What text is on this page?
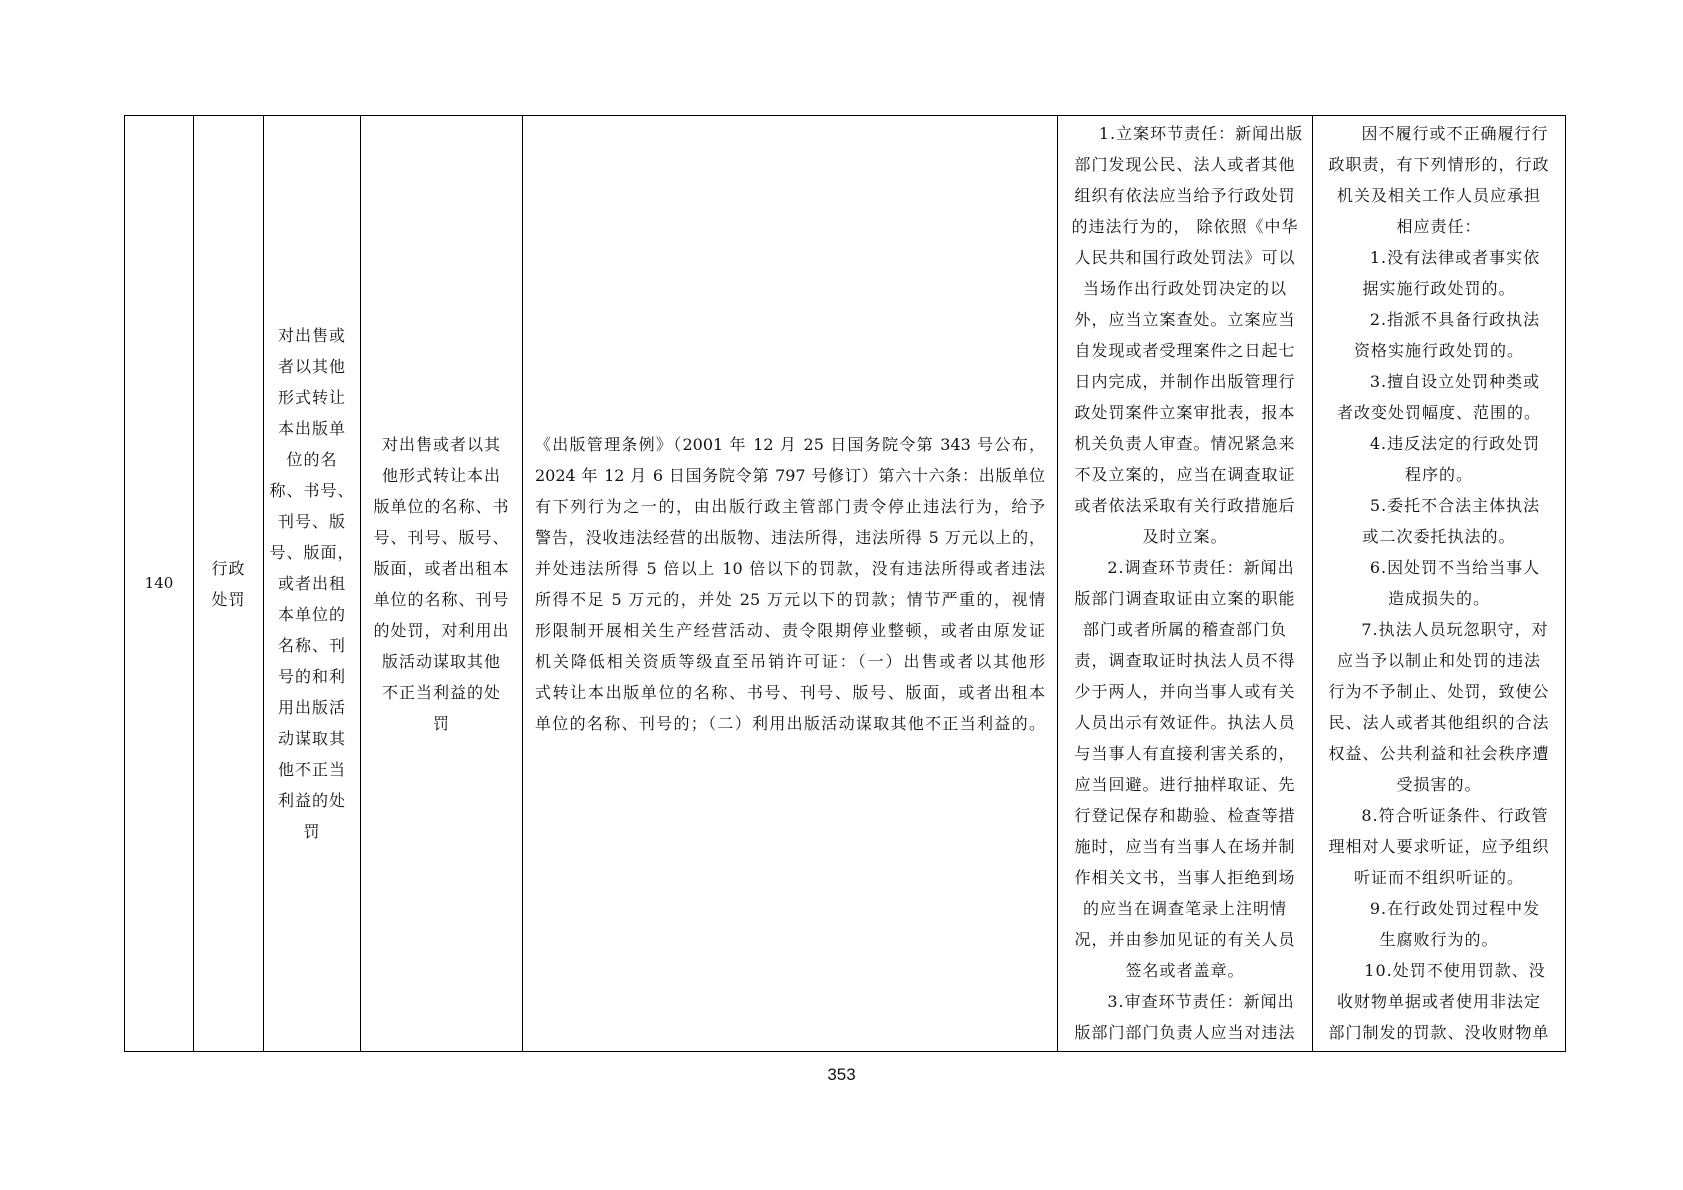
140
行政
处罚
对出售或
者以其他
形式转让
本出版单
位的名
称、书号、
刊号、版
号、版面，
或者出租
本单位的
名称、刊
号的和利
用出版活
动谋取其
他不正当
利益的处
罚
对出售或者以其
他形式转让本出
版单位的名称、书
号、刊号、版号、
版面，或者出租本
单位的名称、刊号
的处罚，对利用出
版活动谋取其他
不正当利益的处
罚
《出版管理条例》（2001 年 12 月 25 日国务院令第 343 号公布，
2024 年 12 月 6 日国务院令第 797 号修订）第六十六条：出版单位
有下列行为之一的，由出版行政主管部门责令停止违法行为，给予
警告，没收违法经营的出版物、违法所得，违法所得 5 万元以上的，
并处违法所得 5 倍以上 10 倍以下的罚款，没有违法所得或者违法
所得不足 5 万元的，并处 25 万元以下的罚款；情节严重的，视情
形限制开展相关生产经营活动、责令限期停业整顿，或者由原发证
机关降低相关资质等级直至吊销许可证：（一）出售或者以其他形
式转让本出版单位的名称、书号、刊号、版号、版面，或者出租本
单位的名称、刊号的；（二）利用出版活动谋取其他不正当利益的。
1.立案环节责任：新闻出版
部门发现公民、法人或者其他
组织有依法应当给予行政处罚
的违法行为的， 除依照《中华
人民共和国行政处罚法》可以
当场作出行政处罚决定的以
外，应当立案查处。立案应当
自发现或者受理案件之日起七
日内完成，并制作出版管理行
政处罚案件立案审批表，报本
机关负责人审查。情况紧急来
不及立案的，应当在调查取证
或者依法采取有关行政措施后
及时立案。
2.调查环节责任：新闻出
版部门调查取证由立案的职能
部门或者所属的稽查部门负
责，调查取证时执法人员不得
少于两人，并向当事人或有关
人员出示有效证件。执法人员
与当事人有直接利害关系的，
应当回避。进行抽样取证、先
行登记保存和勘验、检查等措
施时，应当有当事人在场并制
作相关文书，当事人拒绝到场
的应当在调查笔录上注明情
况，并由参加见证的有关人员
签名或者盖章。
3.审查环节责任：新闻出
版部门部门负责人应当对违法
因不履行或不正确履行行
政职责，有下列情形的，行政
机关及相关工作人员应承担
相应责任：
1.没有法律或者事实依
据实施行政处罚的。
2.指派不具备行政执法
资格实施行政处罚的。
3.擅自设立处罚种类或
者改变处罚幅度、范围的。
4.违反法定的行政处罚
程序的。
5.委托不合法主体执法
或二次委托执法的。
6.因处罚不当给当事人
造成损失的。
7.执法人员玩忽职守，对
应当予以制止和处罚的违法
行为不予制止、处罚，致使公
民、法人或者其他组织的合法
权益、公共利益和社会秩序遭
受损害的。
8.符合听证条件、行政管
理相对人要求听证，应予组织
听证而不组织听证的。
9.在行政处罚过程中发
生腐败行为的。
10.处罚不使用罚款、没
收财物单据或者使用非法定
部门制发的罚款、没收财物单
353
